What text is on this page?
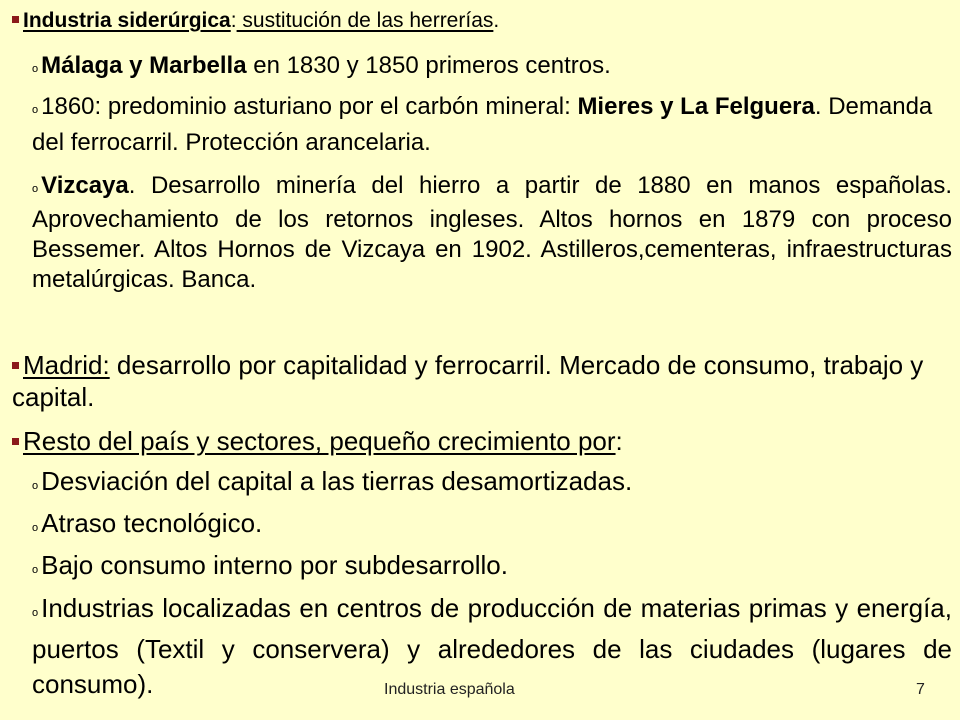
Industria siderúrgica: sustitución de las herrerías.

o Málaga y Marbella en 1830 y 1850 primeros centros.

o 1860: predominio asturiano por el carbón mineral: Mieres y La Felguera. Demanda del ferrocarril. Protección arancelaria.

o Vizcaya. Desarrollo minería del hierro a partir de 1880 en manos españolas. Aprovechamiento de los retornos ingleses. Altos hornos en 1879 con proceso Bessemer. Altos Hornos de Vizcaya en 1902. Astilleros,cementeras, infraestructuras metalúrgicas. Banca.

Madrid: desarrollo por capitalidad y ferrocarril. Mercado de consumo, trabajo y capital.

Resto del país y sectores, pequeño crecimiento por:

o Desviación del capital a las tierras desamortizadas.

o Atraso tecnológico.

o Bajo consumo interno por subdesarrollo.

o Industrias localizadas en centros de producción de materias primas y energía, puertos (Textil y conservera) y alrededores de las ciudades (lugares de consumo).	Industria española	7
